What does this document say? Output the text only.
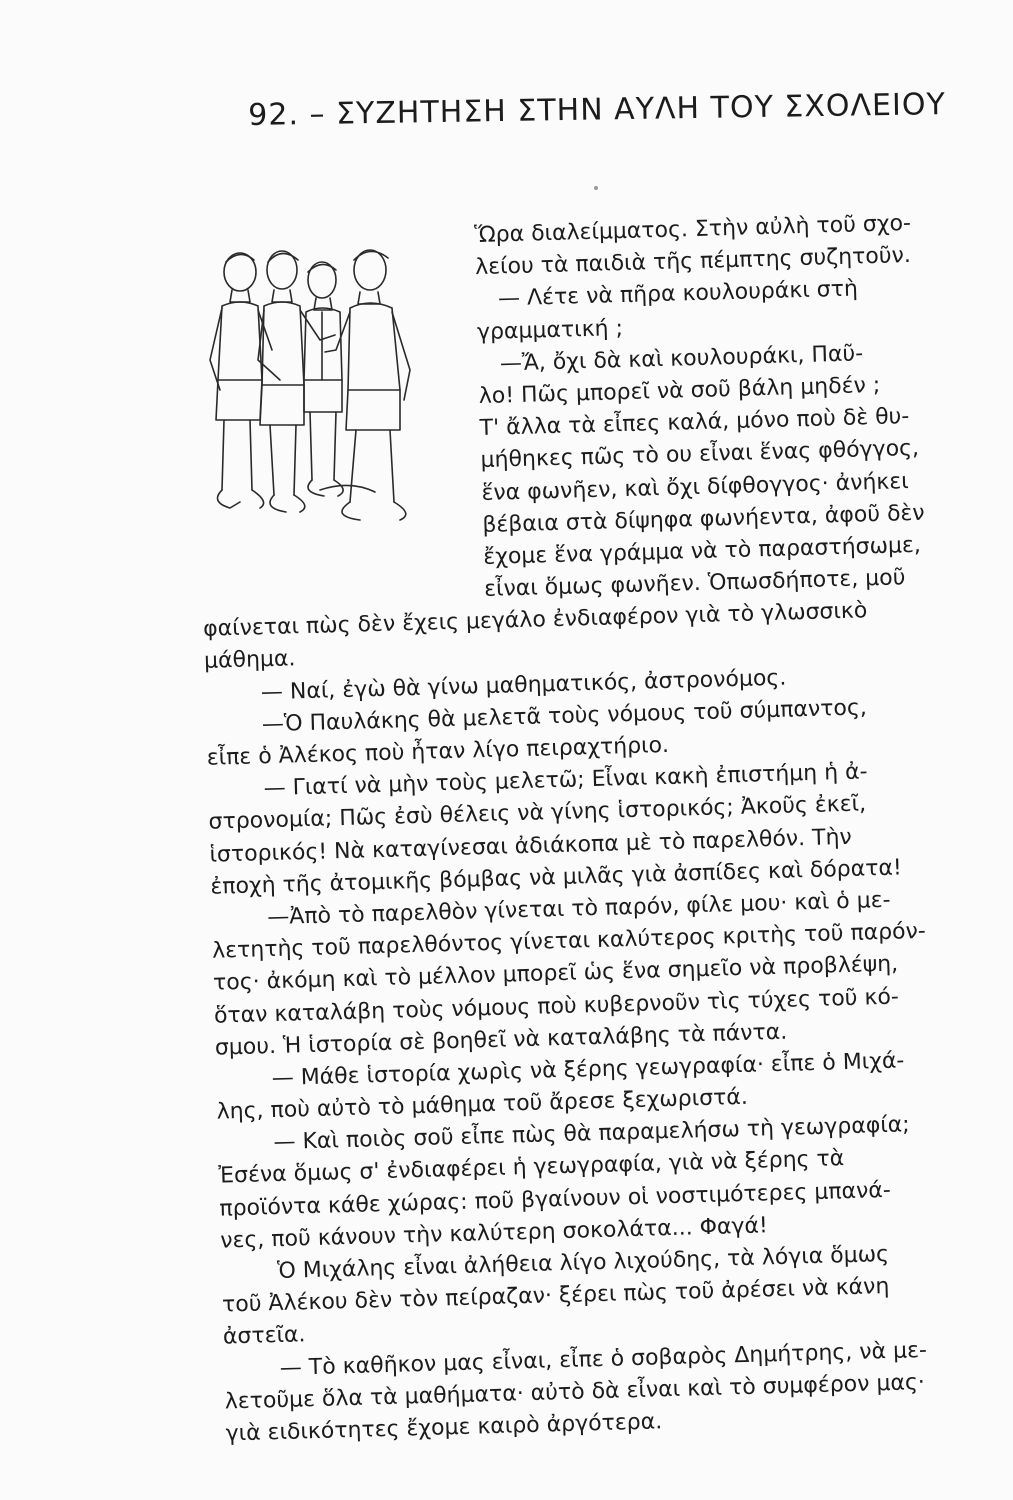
92. – ΣΥΖΗΤΗΣΗ ΣΤΗΝ ΑΥΛΗ ΤΟΥ ΣΧΟΛΕΙΟΥ
Ὥρα διαλείμματος. Στὴν αὐλὴ τοῦ σχο-
λείου τὰ παιδιὰ τῆς πέμπτης συζητοῦν.
— Λέτε νὰ πῆρα κουλουράκι στὴ
γραμματική ;
—Ἄ, ὄχι δὰ καὶ κουλουράκι, Παῦ-
λο! Πῶς μπορεῖ νὰ σοῦ βάλη μηδέν ;
Τ' ἄλλα τὰ εἶπες καλά, μόνο ποὺ δὲ θυ-
μήθηκες πῶς τὸ ου εἶναι ἕνας φθόγγος,
ἕνα φωνῆεν, καὶ ὄχι δίφθογγος· ἀνήκει
βέβαια στὰ δίψηφα φωνήεντα, ἀφοῦ δὲν
ἔχομε ἕνα γράμμα νὰ τὸ παραστήσωμε,
εἶναι ὅμως φωνῆεν. Ὁπωσδήποτε, μοῦ
φαίνεται πὼς δὲν ἔχεις μεγάλο ἐνδιαφέρον γιὰ τὸ γλωσσικὸ
μάθημα.
— Ναί, ἐγὼ θὰ γίνω μαθηματικός, ἀστρονόμος.
—Ὁ Παυλάκης θὰ μελετᾶ τοὺς νόμους τοῦ σύμπαντος,
εἶπε ὁ Ἀλέκος ποὺ ἦταν λίγο πειραχτήριο.
— Γιατί νὰ μὴν τοὺς μελετῶ; Εἶναι κακὴ ἐπιστήμη ἡ ἀ-
στρονομία; Πῶς ἐσὺ θέλεις νὰ γίνης ἱστορικός; Ἀκοῦς ἐκεῖ,
ἱστορικός! Νὰ καταγίνεσαι ἀδιάκοπα μὲ τὸ παρελθόν. Τὴν
ἐποχὴ τῆς ἀτομικῆς βόμβας νὰ μιλᾶς γιὰ ἀσπίδες καὶ δόρατα!
—Ἀπὸ τὸ παρελθὸν γίνεται τὸ παρόν, φίλε μου· καὶ ὁ με-
λετητὴς τοῦ παρελθόντος γίνεται καλύτερος κριτὴς τοῦ παρόν-
τος· ἀκόμη καὶ τὸ μέλλον μπορεῖ ὡς ἕνα σημεῖο νὰ προβλέψη,
ὅταν καταλάβη τοὺς νόμους ποὺ κυβερνοῦν τὶς τύχες τοῦ κό-
σμου. Ἡ ἱστορία σὲ βοηθεῖ νὰ καταλάβης τὰ πάντα.
— Μάθε ἱστορία χωρὶς νὰ ξέρης γεωγραφία· εἶπε ὁ Μιχά-
λης, ποὺ αὐτὸ τὸ μάθημα τοῦ ἄρεσε ξεχωριστά.
— Καὶ ποιὸς σοῦ εἶπε πὼς θὰ παραμελήσω τὴ γεωγραφία;
Ἐσένα ὅμως σ' ἐνδιαφέρει ἡ γεωγραφία, γιὰ νὰ ξέρης τὰ
προϊόντα κάθε χώρας: ποῦ βγαίνουν οἱ νοστιμότερες μπανά-
νες, ποῦ κάνουν τὴν καλύτερη σοκολάτα... Φαγά!
Ὁ Μιχάλης εἶναι ἀλήθεια λίγο λιχούδης, τὰ λόγια ὅμως
τοῦ Ἀλέκου δὲν τὸν πείραζαν· ξέρει πὼς τοῦ ἀρέσει νὰ κάνη
ἀστεῖα.
— Τὸ καθῆκον μας εἶναι, εἶπε ὁ σοβαρὸς Δημήτρης, νὰ με-
λετοῦμε ὅλα τὰ μαθήματα· αὐτὸ δὰ εἶναι καὶ τὸ συμφέρον μας·
γιὰ ειδικότητες ἔχομε καιρὸ ἀργότερα.
